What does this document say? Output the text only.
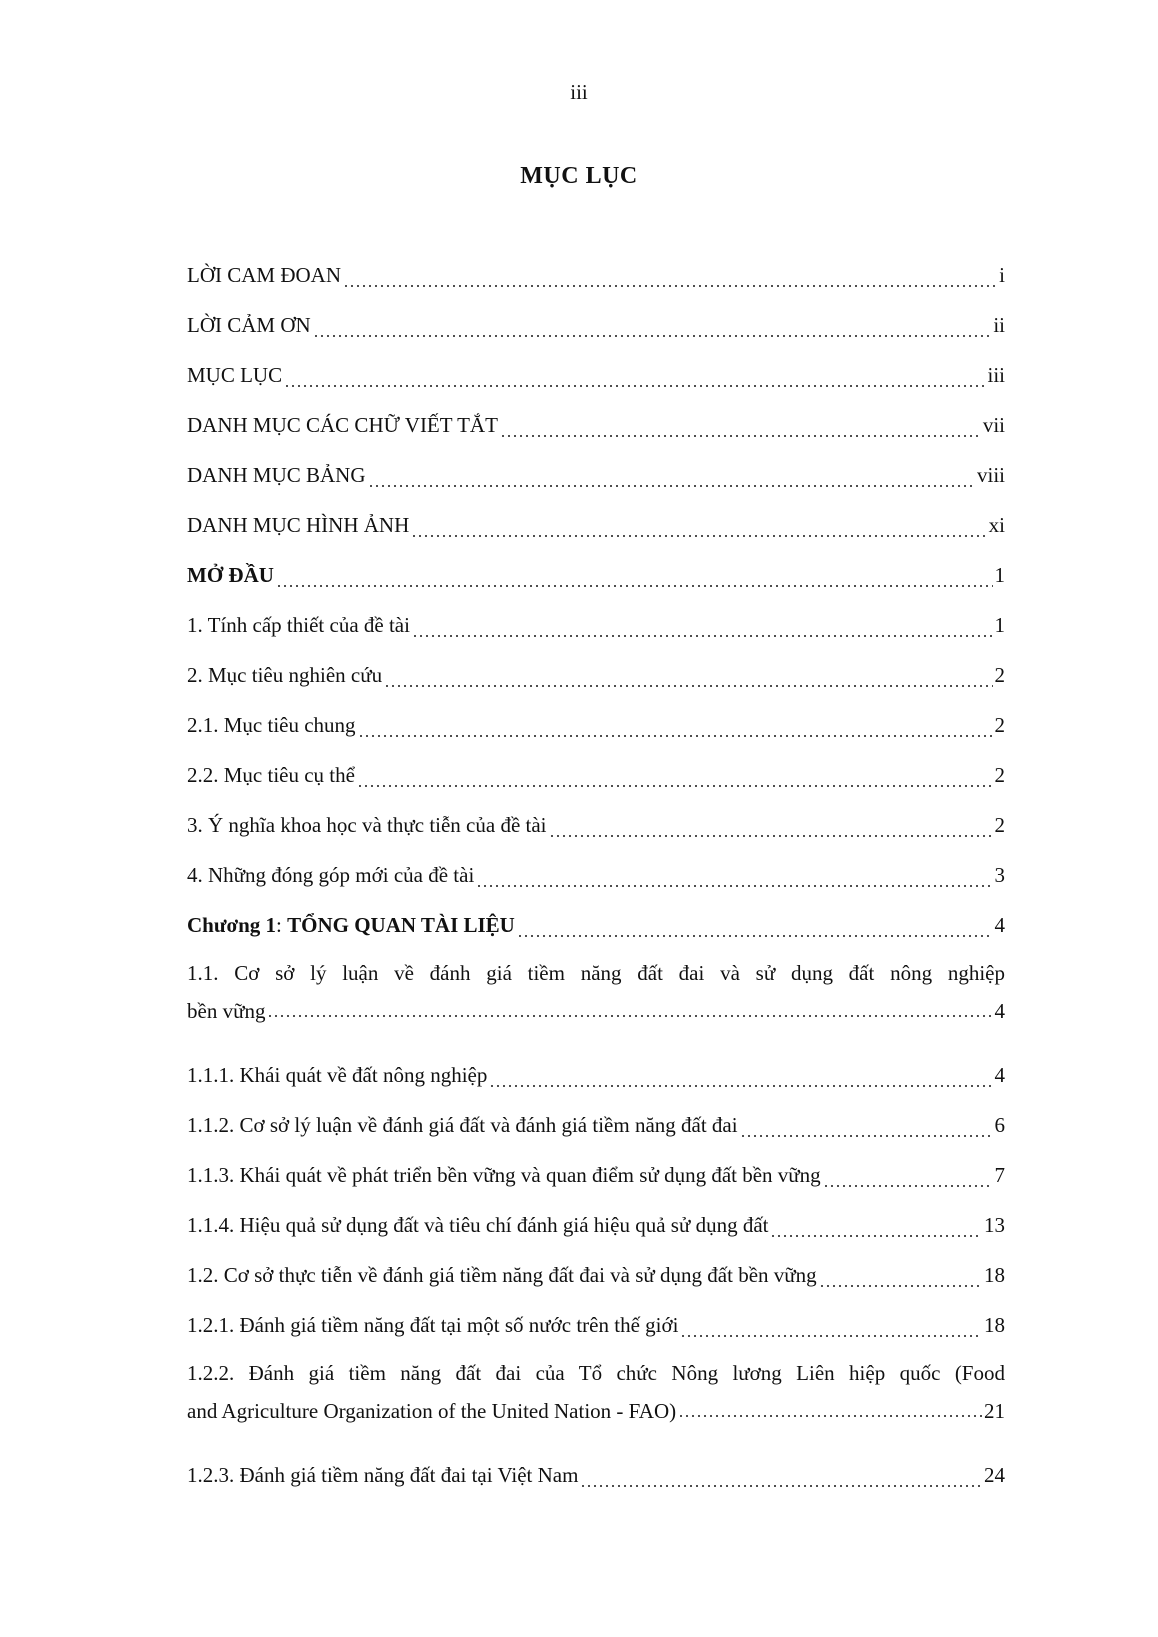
iii
MỤC LỤC
LỜI CAM ĐOAN	i
LỜI CẢM ƠN	ii
MỤC LỤC	iii
DANH MỤC CÁC CHỮ VIẾT TẮT	vii
DANH MỤC BẢNG	viii
DANH MỤC HÌNH ẢNH	xi
MỞ ĐẦU	1
1. Tính cấp thiết của đề tài	1
2. Mục tiêu nghiên cứu	2
2.1. Mục tiêu chung	2
2.2. Mục tiêu cụ thể	2
3. Ý nghĩa khoa học và thực tiễn của đề tài	2
4. Những đóng góp mới của đề tài	3
Chương 1: TỔNG QUAN TÀI LIỆU	4
1.1. Cơ sở lý luận về đánh giá tiềm năng đất đai và sử dụng đất nông nghiệp
bền vững	4
1.1.1. Khái quát về đất nông nghiệp	4
1.1.2. Cơ sở lý luận về đánh giá đất và đánh giá tiềm năng đất đai	6
1.1.3. Khái quát về phát triển bền vững và quan điểm sử dụng đất bền vững	7
1.1.4. Hiệu quả sử dụng đất và tiêu chí đánh giá hiệu quả sử dụng đất	13
1.2. Cơ sở thực tiễn về đánh giá tiềm năng đất đai và sử dụng đất bền vững	18
1.2.1. Đánh giá tiềm năng đất tại một số nước trên thế giới	18
1.2.2. Đánh giá tiềm năng đất đai của Tổ chức Nông lương Liên hiệp quốc (Food
and Agriculture Organization of the United Nation - FAO)	21
1.2.3. Đánh giá tiềm năng đất đai tại Việt Nam	24
